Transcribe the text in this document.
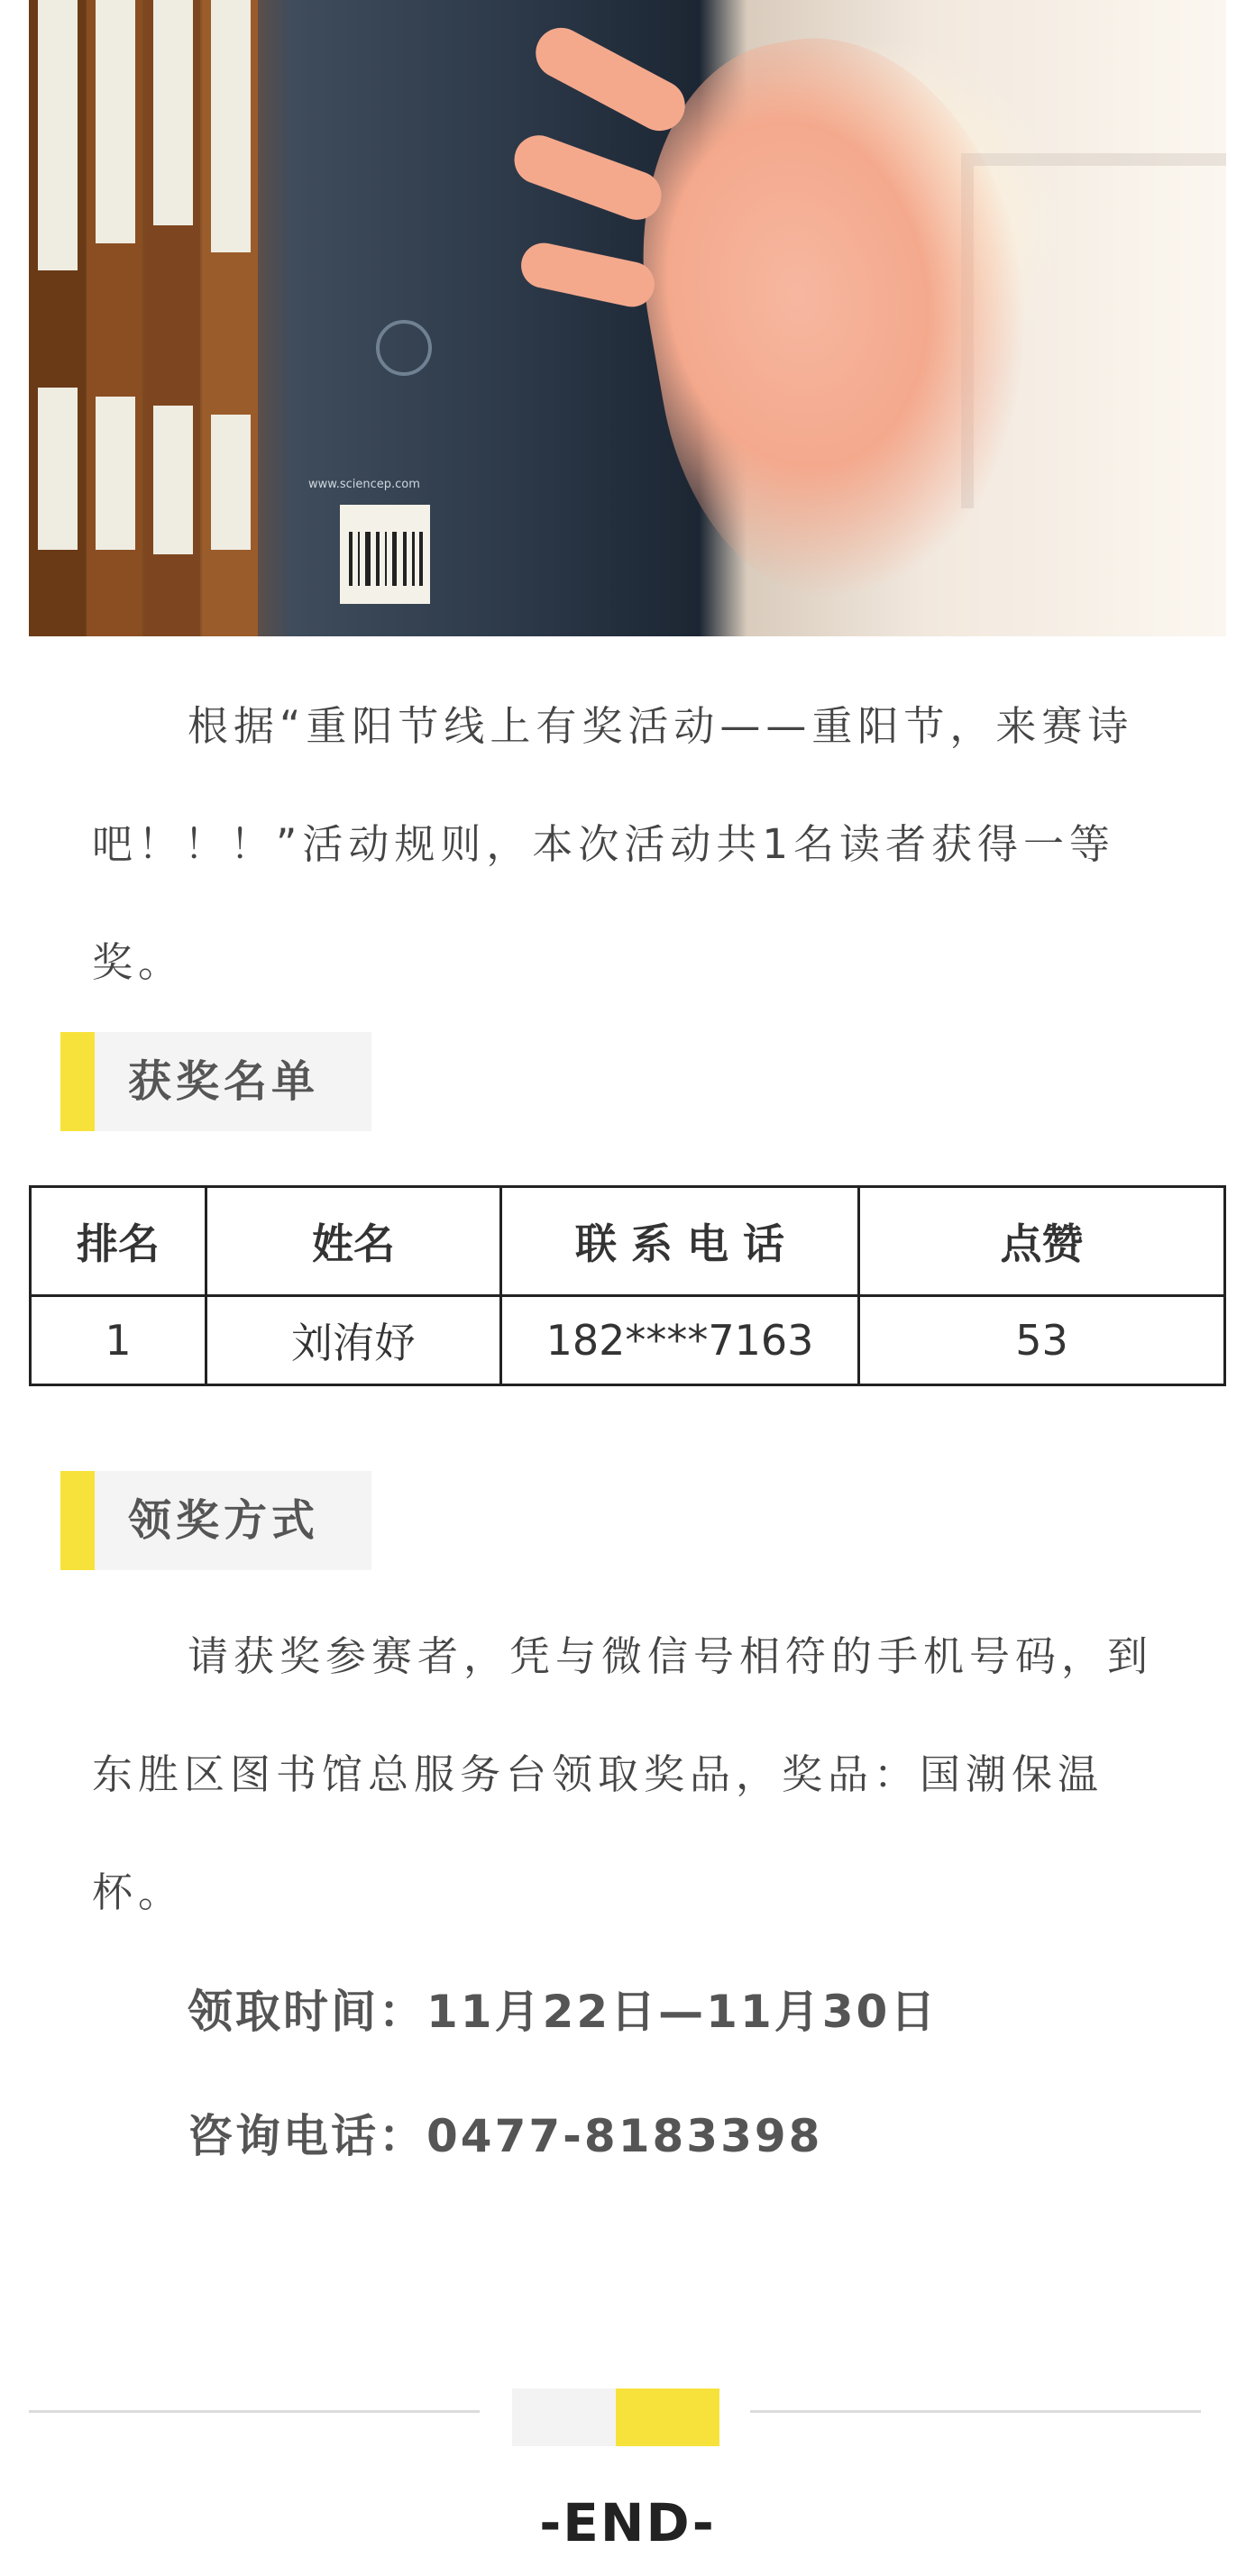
www.sciencep.com

根据“重阳节线上有奖活动——重阳节，来赛诗吧！！！”活动规则，本次活动共1名读者获得一等奖。

获奖名单
排名	姓名	联 系 电 话	点赞
1	刘洧妤	182****7163	53
领奖方式

请获奖参赛者，凭与微信号相符的手机号码，到东胜区图书馆总服务台领取奖品，奖品：国潮保温杯。

领取时间：11月22日—11月30日
咨询电话：0477-8183398
-END-
